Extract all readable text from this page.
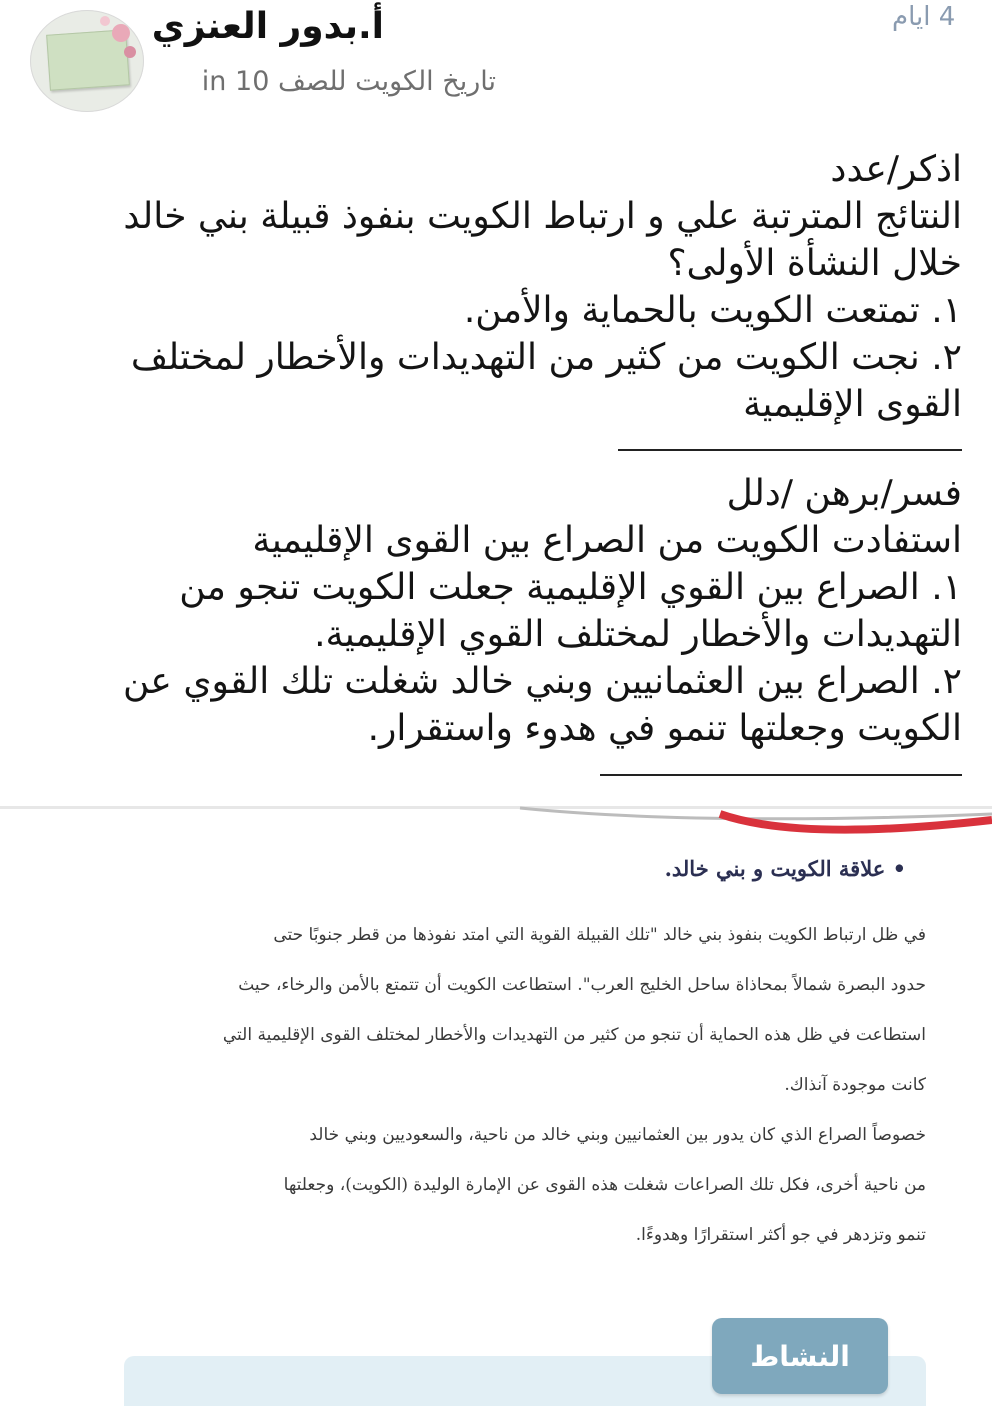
أ.بدور العنزي
تاريخ الكويت للصف 10 in
4 ايام

اذكر/عدد

النتائج المترتبة علي و ارتباط الكويت بنفوذ قبيلة بني خالد

خلال النشأة الأولى؟

١. تمتعت الكويت بالحماية والأمن.

٢. نجت الكويت من كثير من التهديدات والأخطار لمختلف

القوى الإقليمية

فسر/برهن /دلل

استفادت الكويت من الصراع بين القوى الإقليمية

١. الصراع بين القوي الإقليمية جعلت الكويت تنجو من

التهديدات والأخطار لمختلف القوي الإقليمية.

٢. الصراع بين العثمانيين وبني خالد شغلت تلك القوي عن

الكويت وجعلتها تنمو في هدوء واستقرار.

• علاقة الكويت و بني خالد.

في ظل ارتباط الكويت بنفوذ بني خالد "تلك القبيلة القوية التي امتد نفوذها من قطر جنوبًا حتى

حدود البصرة شمالاً بمحاذاة ساحل الخليج العرب". استطاعت الكويت أن تتمتع بالأمن والرخاء، حيث

استطاعت في ظل هذه الحماية أن تنجو من كثير من التهديدات والأخطار لمختلف القوى الإقليمية التي

كانت موجودة آنذاك.

خصوصاً الصراع الذي كان يدور بين العثمانيين وبني خالد من ناحية، والسعوديين وبني خالد

من ناحية أخرى، فكل تلك الصراعات شغلت هذه القوى عن الإمارة الوليدة (الكويت)، وجعلتها

تنمو وتزدهر في جو أكثر استقرارًا وهدوءًا.

النشاط
